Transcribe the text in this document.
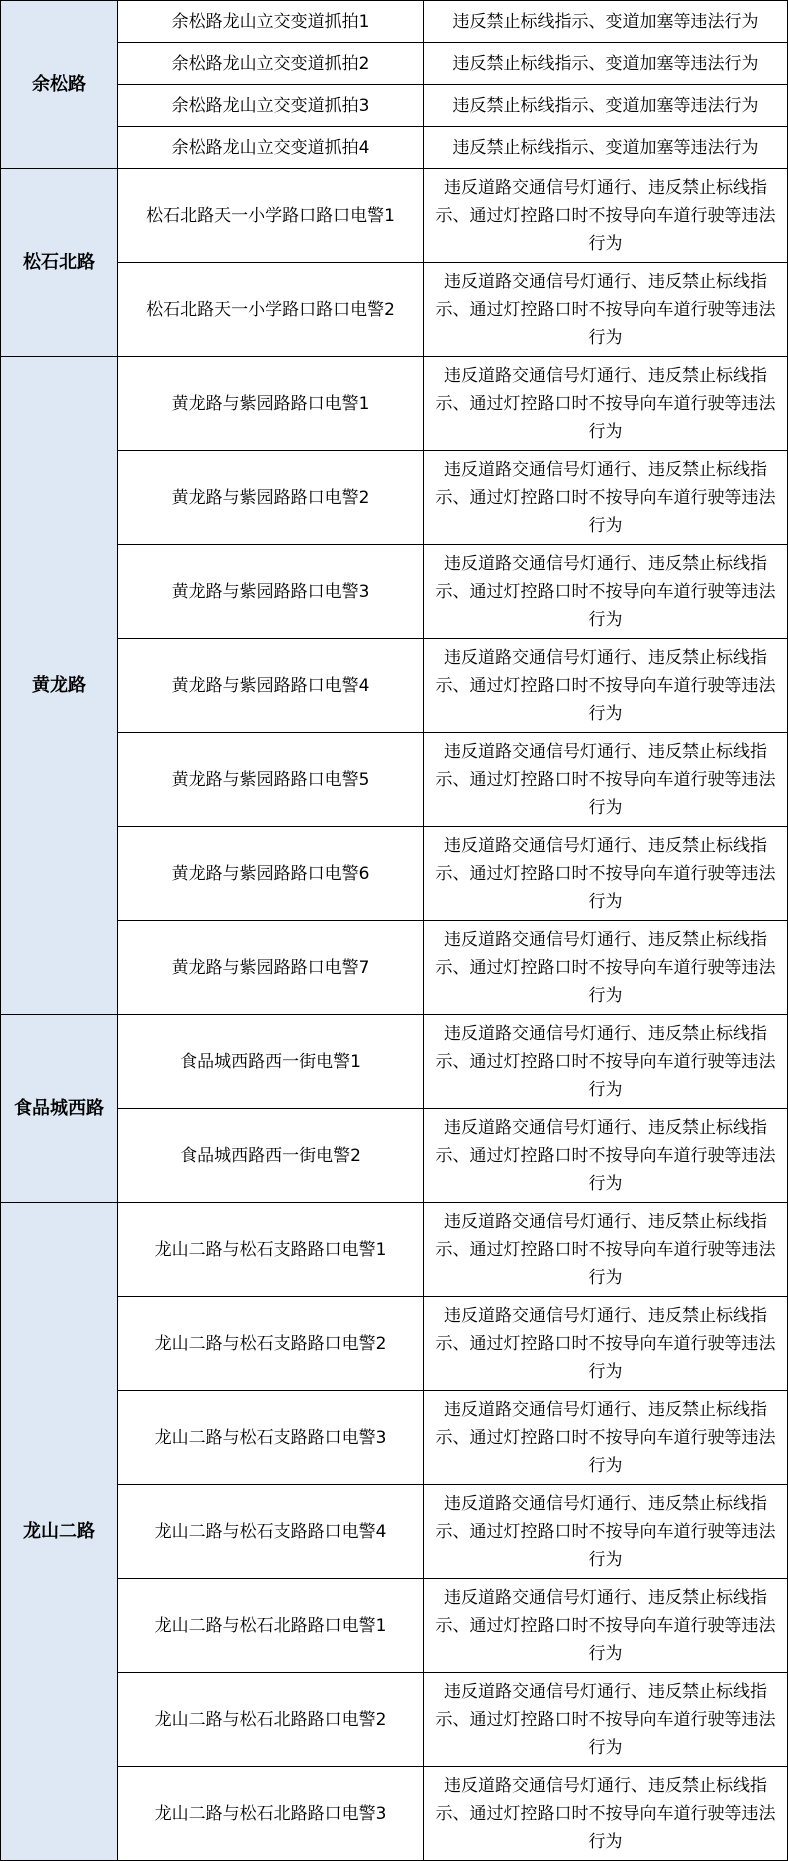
余松路	余松路龙山立交变道抓拍1	违反禁止标线指示、变道加塞等违法行为
	余松路龙山立交变道抓拍2	违反禁止标线指示、变道加塞等违法行为
	余松路龙山立交变道抓拍3	违反禁止标线指示、变道加塞等违法行为
	余松路龙山立交变道抓拍4	违反禁止标线指示、变道加塞等违法行为
松石北路	松石北路天一小学路口路口电警1	违反道路交通信号灯通行、违反禁止标线指示、通过灯控路口时不按导向车道行驶等违法行为
	松石北路天一小学路口路口电警2	违反道路交通信号灯通行、违反禁止标线指示、通过灯控路口时不按导向车道行驶等违法行为
黄龙路	黄龙路与紫园路路口电警1	违反道路交通信号灯通行、违反禁止标线指示、通过灯控路口时不按导向车道行驶等违法行为
	黄龙路与紫园路路口电警2	违反道路交通信号灯通行、违反禁止标线指示、通过灯控路口时不按导向车道行驶等违法行为
	黄龙路与紫园路路口电警3	违反道路交通信号灯通行、违反禁止标线指示、通过灯控路口时不按导向车道行驶等违法行为
	黄龙路与紫园路路口电警4	违反道路交通信号灯通行、违反禁止标线指示、通过灯控路口时不按导向车道行驶等违法行为
	黄龙路与紫园路路口电警5	违反道路交通信号灯通行、违反禁止标线指示、通过灯控路口时不按导向车道行驶等违法行为
	黄龙路与紫园路路口电警6	违反道路交通信号灯通行、违反禁止标线指示、通过灯控路口时不按导向车道行驶等违法行为
	黄龙路与紫园路路口电警7	违反道路交通信号灯通行、违反禁止标线指示、通过灯控路口时不按导向车道行驶等违法行为
食品城西路	食品城西路西一街电警1	违反道路交通信号灯通行、违反禁止标线指示、通过灯控路口时不按导向车道行驶等违法行为
	食品城西路西一街电警2	违反道路交通信号灯通行、违反禁止标线指示、通过灯控路口时不按导向车道行驶等违法行为
龙山二路	龙山二路与松石支路路口电警1	违反道路交通信号灯通行、违反禁止标线指示、通过灯控路口时不按导向车道行驶等违法行为
	龙山二路与松石支路路口电警2	违反道路交通信号灯通行、违反禁止标线指示、通过灯控路口时不按导向车道行驶等违法行为
	龙山二路与松石支路路口电警3	违反道路交通信号灯通行、违反禁止标线指示、通过灯控路口时不按导向车道行驶等违法行为
	龙山二路与松石支路路口电警4	违反道路交通信号灯通行、违反禁止标线指示、通过灯控路口时不按导向车道行驶等违法行为
	龙山二路与松石北路路口电警1	违反道路交通信号灯通行、违反禁止标线指示、通过灯控路口时不按导向车道行驶等违法行为
	龙山二路与松石北路路口电警2	违反道路交通信号灯通行、违反禁止标线指示、通过灯控路口时不按导向车道行驶等违法行为
	龙山二路与松石北路路口电警3	违反道路交通信号灯通行、违反禁止标线指示、通过灯控路口时不按导向车道行驶等违法行为
